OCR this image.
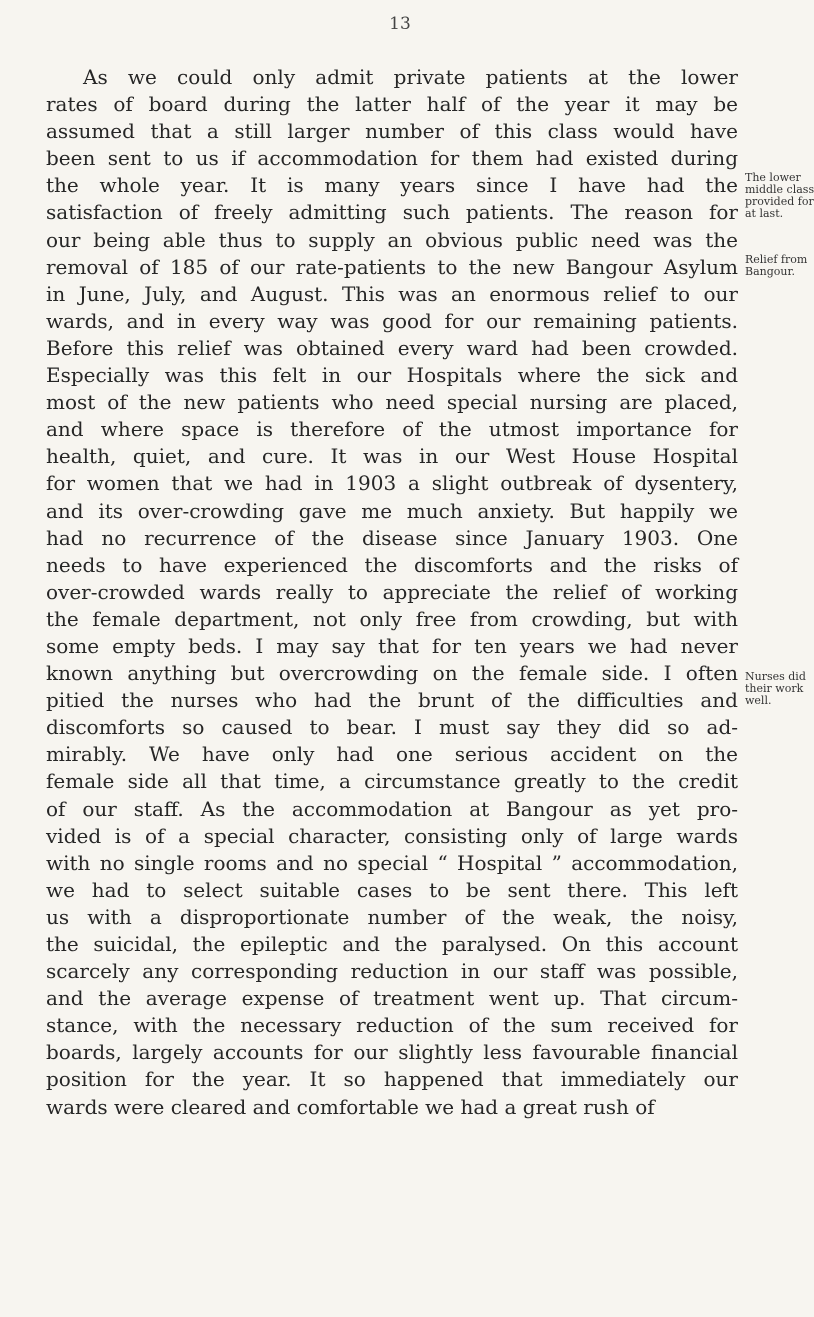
13
As we could only admit private patients at the lower
rates of board during the latter half of the year it may be
assumed that a still larger number of this class would have
been sent to us if accommodation for them had existed during
the whole year. It is many years since I have had the
satisfaction of freely admitting such patients. The reason for
our being able thus to supply an obvious public need was the
removal of 185 of our rate-patients to the new Bangour Asylum
in June, July, and August. This was an enormous relief to our
wards, and in every way was good for our remaining patients.
Before this relief was obtained every ward had been crowded.
Especially was this felt in our Hospitals where the sick and
most of the new patients who need special nursing are placed,
and where space is therefore of the utmost importance for
health, quiet, and cure. It was in our West House Hospital
for women that we had in 1903 a slight outbreak of dysentery,
and its over-crowding gave me much anxiety. But happily we
had no recurrence of the disease since January 1903. One
needs to have experienced the discomforts and the risks of
over-crowded wards really to appreciate the relief of working
the female department, not only free from crowding, but with
some empty beds. I may say that for ten years we had never
known anything but overcrowding on the female side. I often
pitied the nurses who had the brunt of the difficulties and
discomforts so caused to bear. I must say they did so ad-
mirably. We have only had one serious accident on the
female side all that time, a circumstance greatly to the credit
of our staff. As the accommodation at Bangour as yet pro-
vided is of a special character, consisting only of large wards
with no single rooms and no special “ Hospital ” accommodation,
we had to select suitable cases to be sent there. This left
us with a disproportionate number of the weak, the noisy,
the suicidal, the epileptic and the paralysed. On this account
scarcely any corresponding reduction in our staff was possible,
and the average expense of treatment went up. That circum-
stance, with the necessary reduction of the sum received for
boards, largely accounts for our slightly less favourable financial
position for the year. It so happened that immediately our
wards were cleared and comfortable we had a great rush of
The lower
middle class
provided for
at last.
Relief from
Bangour.
Nurses did
their work
well.
